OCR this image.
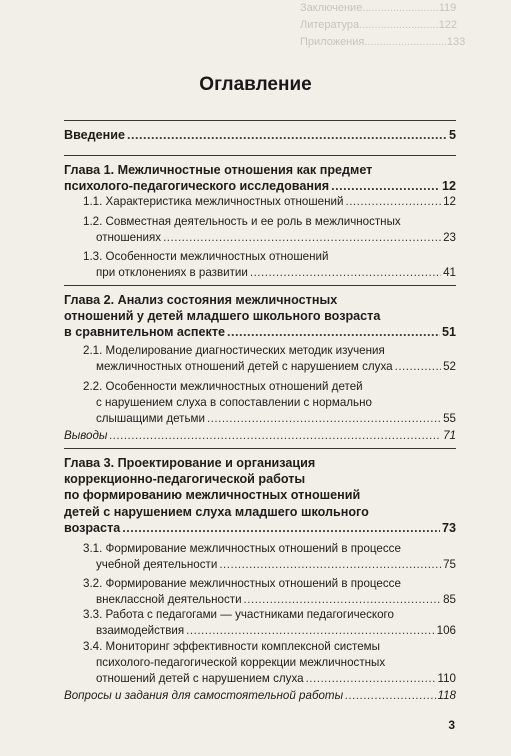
Заключение.........................119
Литература..........................122
Приложения...........................133
Оглавление
Введение .....	5
Глава 1. Межличностные отношения как предмет
психолого-педагогического исследования .....	12
1.1. Характеристика межличностных отношений .....	12
1.2. Совместная деятельность и ее роль в межличностных
отношениях .....	23
1.3. Особенности межличностных отношений
при отклонениях в развитии .....	41
Глава 2. Анализ состояния межличностных
отношений у детей младшего школьного возраста
в сравнительном аспекте .....	51
2.1. Моделирование диагностических методик изучения
межличностных отношений детей с нарушением слуха .....	52
2.2. Особенности межличностных отношений детей
с нарушением слуха в сопоставлении с нормально
слышащими детьми .....	55
Выводы .....	71
Глава 3. Проектирование и организация
коррекционно-педагогической работы
по формированию межличностных отношений
детей с нарушением слуха младшего школьного
возраста .....	73
3.1. Формирование межличностных отношений в процессе
учебной деятельности .....	75
3.2. Формирование межличностных отношений в процессе
внеклассной деятельности .....	85
3.3. Работа с педагогами — участниками педагогического
взаимодействия .....	106
3.4. Мониторинг эффективности комплексной системы
психолого-педагогической коррекции межличностных
отношений детей с нарушением слуха .....	110
Вопросы и задания для самостоятельной работы .....	118
3
